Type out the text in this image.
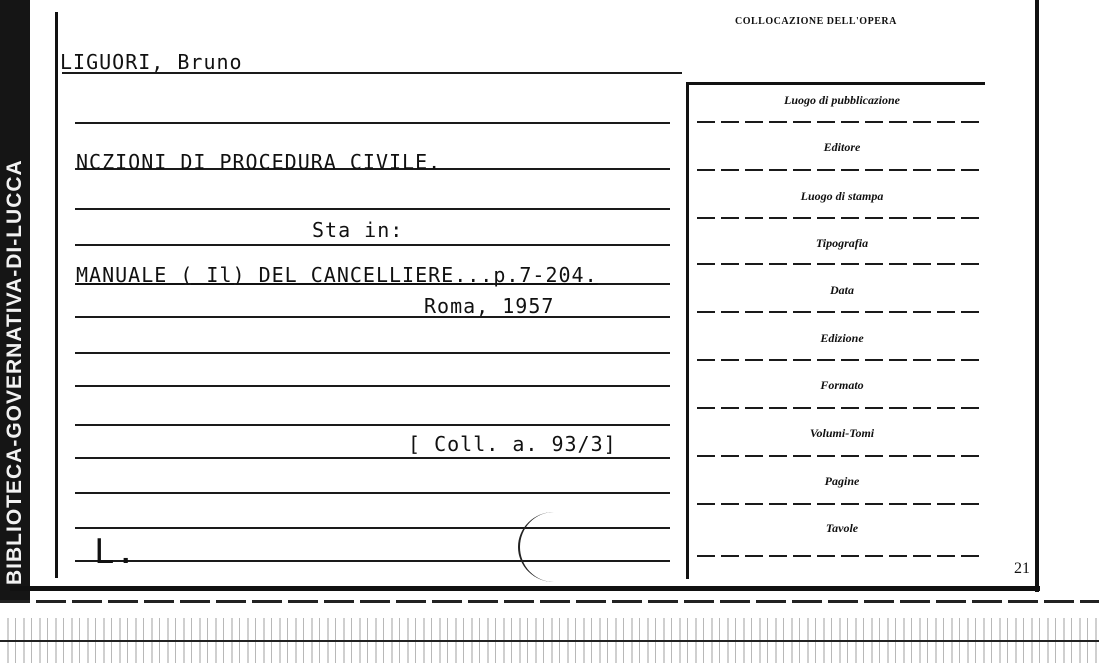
BIBLIOTECA-GOVERNATIVA-DI-LUCCA
COLLOCAZIONE DELL'OPERA
LIGUORI, Bruno
NCZIONI DI PROCEDURA CIVILE.
Sta in:
MANUALE ( Il) DEL CANCELLIERE...p.7-204.
Roma, 1957
[ Coll. a. 93/3]
L.
Luogo di pubblicazione
Editore
Luogo di stampa
Tipografia
Data
Edizione
Formato
Volumi-Tomi
Pagine
Tavole
21
